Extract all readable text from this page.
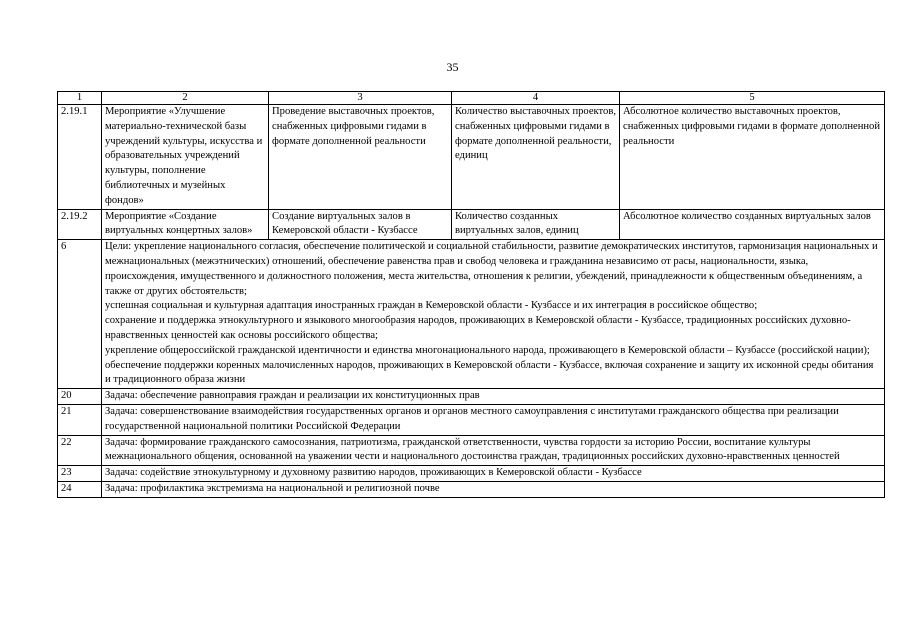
35
1	2	3	4	5
2.19.1	Мероприятие «Улучшение материально-технической базы учреждений культуры, искусства и образовательных учреждений культуры, пополнение библиотечных и музейных фондов»	Проведение выставочных проектов, снабженных цифровыми гидами в формате дополненной реальности	Количество выставочных проектов, снабженных цифровыми гидами в формате дополненной реальности, единиц	Абсолютное количество выставочных проектов, снабженных цифровыми гидами в формате дополненной реальности
2.19.2	Мероприятие «Создание виртуальных концертных залов»	Создание виртуальных залов в Кемеровской области - Кузбассе	Количество созданных виртуальных залов, единиц	Абсолютное количество созданных виртуальных залов
6	Цели: укрепление национального согласия, обеспечение политической и социальной стабильности, развитие демократических институтов, гармонизация национальных и межнациональных (межэтнических) отношений, обеспечение равенства прав и свобод человека и гражданина независимо от расы, национальности, языка, происхождения, имущественного и должностного положения, места жительства, отношения к религии, убеждений, принадлежности к общественным объединениям, а также от других обстоятельств;
успешная социальная и культурная адаптация иностранных граждан в Кемеровской области - Кузбассе и их интеграция в российское общество;
сохранение и поддержка этнокультурного и языкового многообразия народов, проживающих в Кемеровской области - Кузбассе, традиционных российских духовно-нравственных ценностей как основы российского общества;
укрепление общероссийской гражданской идентичности и единства многонационального народа, проживающего в Кемеровской области – Кузбассе (российской нации);
обеспечение поддержки коренных малочисленных народов, проживающих в Кемеровской области - Кузбассе, включая сохранение и защиту их исконной среды обитания и традиционного образа жизни			

20	Задача: обеспечение равноправия граждан и реализации их конституционных прав			
21	Задача: совершенствование взаимодействия государственных органов и органов местного самоуправления с институтами гражданского общества при реализации государственной национальной политики Российской Федерации			
22	Задача: формирование гражданского самосознания, патриотизма, гражданской ответственности, чувства гордости за историю России, воспитание культуры межнационального общения, основанной на уважении чести и национального достоинства граждан, традиционных российских духовно-нравственных ценностей			
23	Задача: содействие этнокультурному и духовному развитию народов, проживающих в Кемеровской области - Кузбассе			
24	Задача: профилактика экстремизма на национальной и религиозной почве			
